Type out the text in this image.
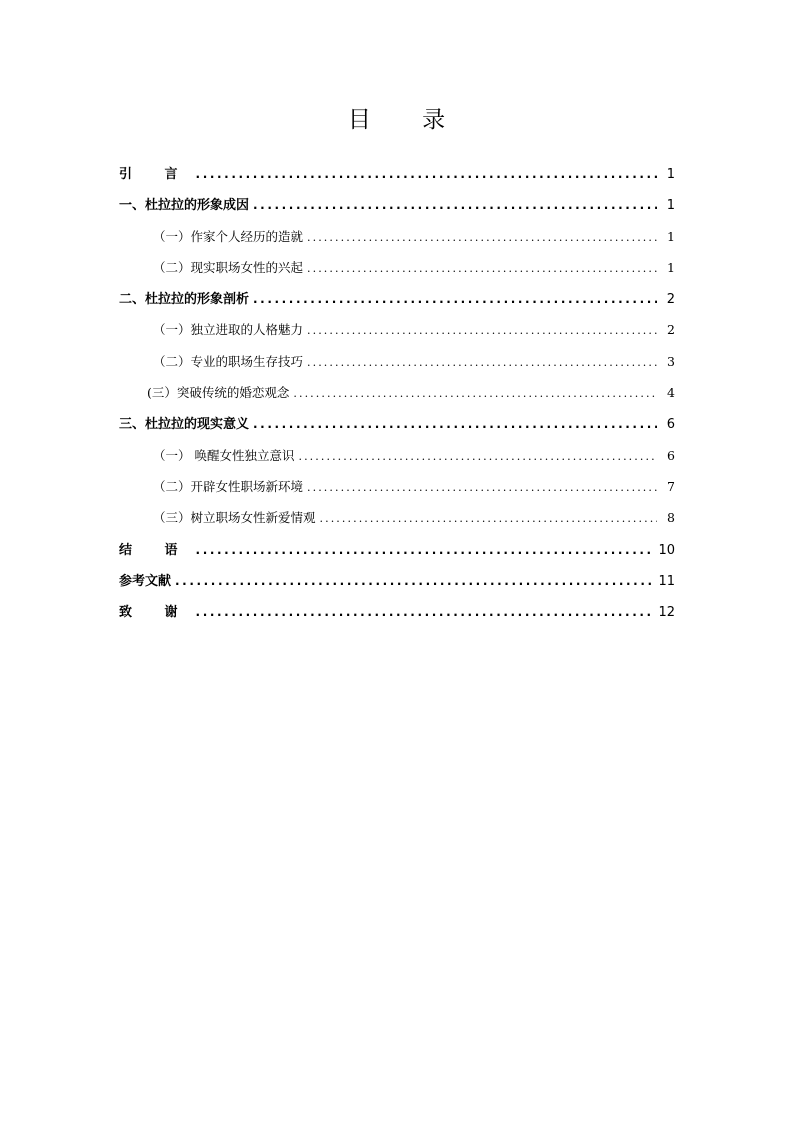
目 录
引 言 .....	1
一、杜拉拉的形象成因 .....	1
（一）作家个人经历的造就 .....	1
（二）现实职场女性的兴起 .....	1
二、杜拉拉的形象剖析 .....	2
（一）独立进取的人格魅力 .....	2
（二）专业的职场生存技巧 .....	3
(三）突破传统的婚恋观念 .....	4
三、杜拉拉的现实意义 .....	6
（一） 唤醒女性独立意识 .....	6
（二）开辟女性职场新环境 .....	7
（三）树立职场女性新爱情观 .....	8
结 语 .....	10
参考文献 .....	11
致 谢 .....	12
